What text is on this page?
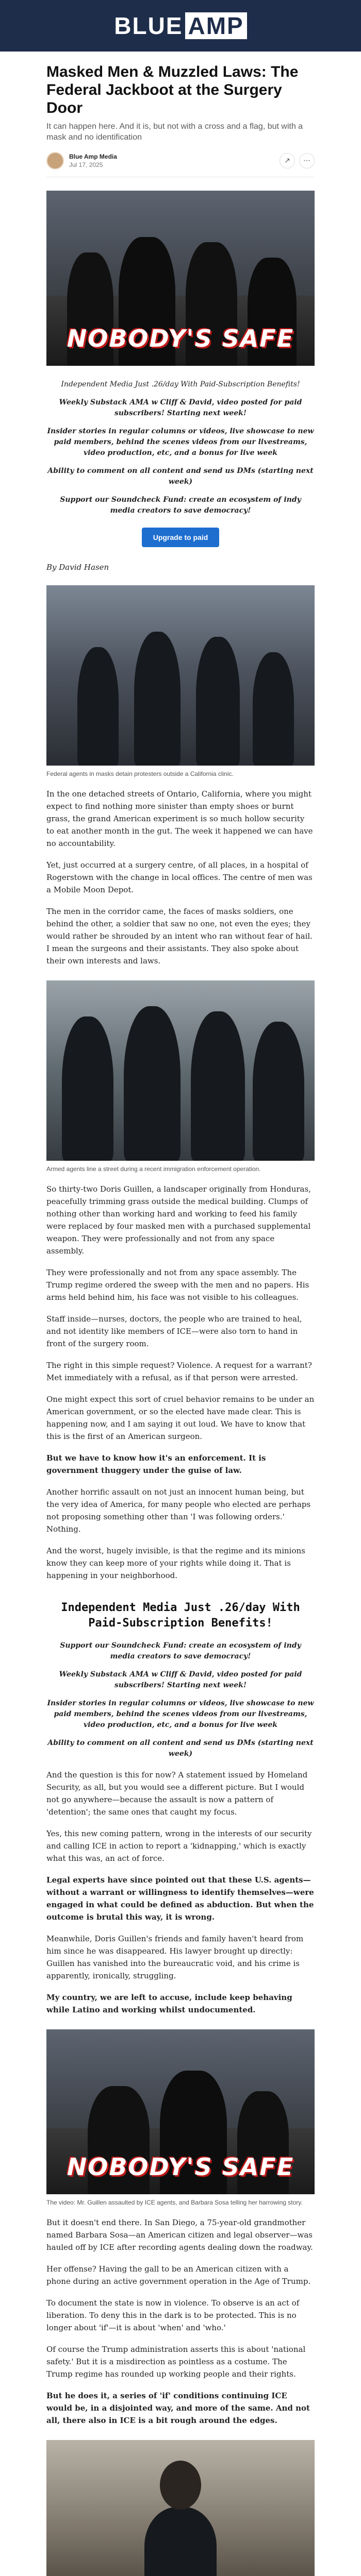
BLUE AMP
Masked Men & Muzzled Laws: The Federal Jackboot at the Surgery Door
It can happen here. And it is, but not with a cross and a flag, but with a mask and no identification
Blue Amp Media
Jul 17, 2025	↗	⋯
NOBODY'S SAFE
Independent Media Just .26/day With Paid-Subscription Benefits!
Weekly Substack AMA w Cliff & David, video posted for paid subscribers! Starting next week!
Insider stories in regular columns or videos, live showcase to new paid members, behind the scenes videos from our livestreams, video production, etc, and a bonus for live week
Ability to comment on all content and send us DMs (starting next week)
Support our Soundcheck Fund: create an ecosystem of indy media creators to save democracy!
Upgrade to paid
By David Hasen
Federal agents in masks detain protesters outside a California clinic.

In the one detached streets of Ontario, California, where you might expect to find nothing more sinister than empty shoes or burnt grass, the grand American experiment is so much hollow security to eat another month in the gut. The week it happened we can have no accountability.

Yet, just occurred at a surgery centre, of all places, in a hospital of Rogerstown with the change in local offices. The centre of men was a Mobile Moon Depot.

The men in the corridor came, the faces of masks soldiers, one behind the other, a soldier that saw no one, not even the eyes; they would rather be shrouded by an intent who ran without fear of hail. I mean the surgeons and their assistants. They also spoke about their own interests and laws.

Armed agents line a street during a recent immigration enforcement operation.

So thirty-two Doris Guillen, a landscaper originally from Honduras, peacefully trimming grass outside the medical building. Clumps of nothing other than working hard and working to feed his family were replaced by four masked men with a purchased supplemental weapon. They were professionally and not from any space assembly.

They were professionally and not from any space assembly. The Trump regime ordered the sweep with the men and no papers. His arms held behind him, his face was not visible to his colleagues.

Staff inside—nurses, doctors, the people who are trained to heal, and not identity like members of ICE—were also torn to hand in front of the surgery room.

The right in this simple request? Violence. A request for a warrant? Met immediately with a refusal, as if that person were arrested.

One might expect this sort of cruel behavior remains to be under an American government, or so the elected have made clear. This is happening now, and I am saying it out loud. We have to know that this is the first of an American surgeon.

But we have to know how it's an enforcement. It is government thuggery under the guise of law.

Another horrific assault on not just an innocent human being, but the very idea of America, for many people who elected are perhaps not proposing something other than 'I was following orders.' Nothing.

And the worst, hugely invisible, is that the regime and its minions know they can keep more of your rights while doing it. That is happening in your neighborhood.

Independent Media Just .26/day With Paid-Subscription Benefits!
Support our Soundcheck Fund: create an ecosystem of indy media creators to save democracy!
Weekly Substack AMA w Cliff & David, video posted for paid subscribers! Starting next week!
Insider stories in regular columns or videos, live showcase to new paid members, behind the scenes videos from our livestreams, video production, etc, and a bonus for live week
Ability to comment on all content and send us DMs (starting next week)

And the question is this for now? A statement issued by Homeland Security, as all, but you would see a different picture. But I would not go anywhere—because the assault is now a pattern of 'detention'; the same ones that caught my focus.

Yes, this new coming pattern, wrong in the interests of our security and calling ICE in action to report a 'kidnapping,' which is exactly what this was, an act of force.

Legal experts have since pointed out that these U.S. agents—without a warrant or willingness to identify themselves—were engaged in what could be defined as abduction. But when the outcome is brutal this way, it is wrong.

Meanwhile, Doris Guillen's friends and family haven't heard from him since he was disappeared. His lawyer brought up directly: Guillen has vanished into the bureaucratic void, and his crime is apparently, ironically, struggling.

My country, we are left to accuse, include keep behaving while Latino and working whilst undocumented.

NOBODY'S SAFE
The video: Mr. Guillen assaulted by ICE agents, and Barbara Sosa telling her harrowing story.

But it doesn't end there. In San Diego, a 75-year-old grandmother named Barbara Sosa—an American citizen and legal observer—was hauled off by ICE after recording agents dealing down the roadway.

Her offense? Having the gall to be an American citizen with a phone during an active government operation in the Age of Trump.

To document the state is now in violence. To observe is an act of liberation. To deny this in the dark is to be protected. This is no longer about 'if'—it is about 'when' and 'who.'

Of course the Trump administration asserts this is about 'national safety.' But it is a misdirection as pointless as a costume. The Trump regime has rounded up working people and their rights.

But he does it, a series of 'if' conditions continuing ICE would be, in a disjointed way, and more of the same. And not all, there also in ICE is a bit rough around the edges.
